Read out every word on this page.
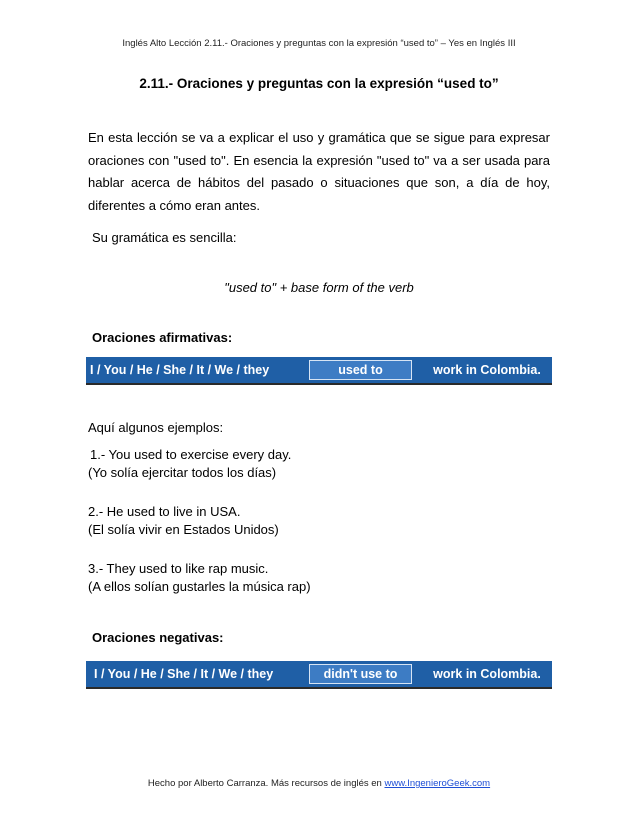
Inglés Alto Lección 2.11.- Oraciones y preguntas con la expresión “used to” – Yes en Inglés III
2.11.- Oraciones y preguntas con la expresión “used to”
En esta lección se va a explicar el uso y gramática que se sigue para expresar oraciones con "used to". En esencia la expresión "used to" va a ser usada para hablar acerca de hábitos del pasado o situaciones que son, a día de hoy, diferentes a cómo eran antes.
Su gramática es sencilla:
"used to" + base form of the verb
Oraciones afirmativas:
I / You / He / She / It / We / they	used to	work in Colombia.
Aquí algunos ejemplos:
1.- You used to exercise every day.
(Yo solía ejercitar todos los días)
2.- He used to live in USA.
(El solía vivir en Estados Unidos)
3.- They used to like rap music.
(A ellos solían gustarles la música rap)
Oraciones negativas:
I / You / He / She / It / We / they	didn't use to	work in Colombia.
Hecho por Alberto Carranza. Más recursos de inglés en www.IngenieroGeek.com
